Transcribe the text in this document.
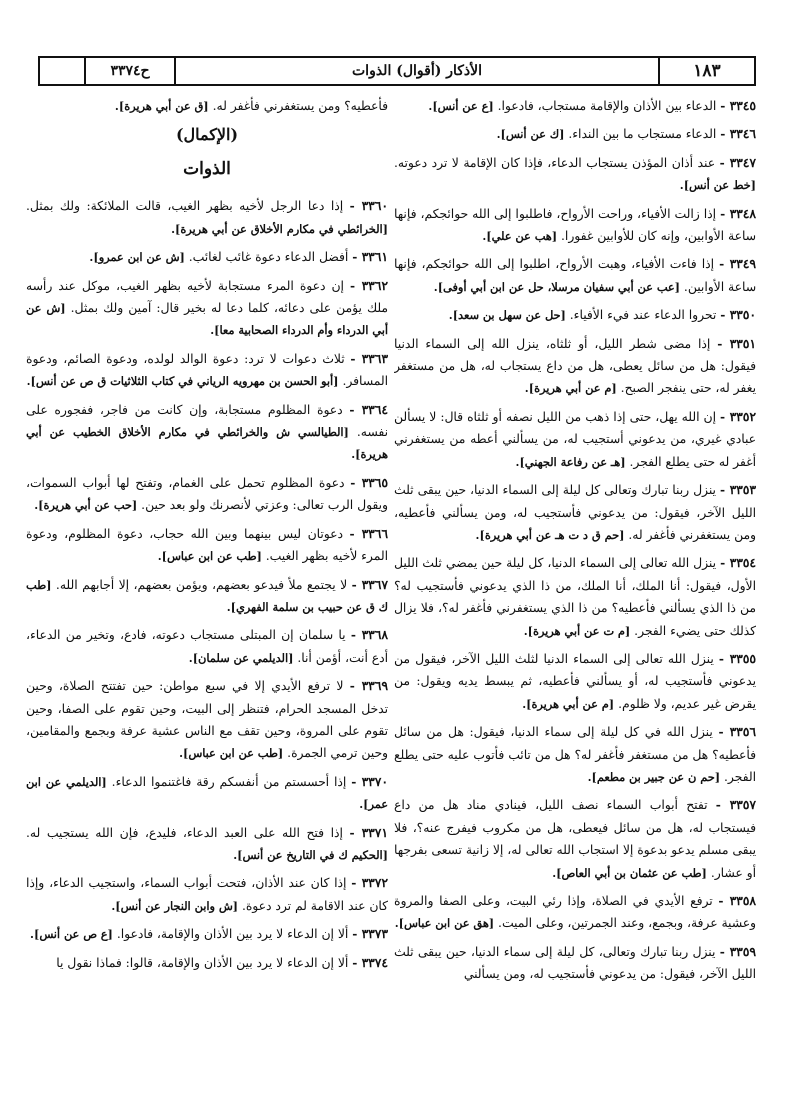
١٨٣
الأذكار (أقوال) الذوات
ح٣٣٧٤

٣٣٤٥ - الدعاء بين الأذان والإقامة مستجاب، فادعوا. [ع عن أنس].

٣٣٤٦ - الدعاء مستجاب ما بين النداء. [ك عن أنس].

٣٣٤٧ - عند أذان المؤذن يستجاب الدعاء، فإذا كان الإقامة لا ترد دعوته. [خط عن أنس].

٣٣٤٨ - إذا زالت الأفياء، وراحت الأرواح، فاطلبوا إلى الله حوائجكم، فإنها ساعة الأوابين، وإنه كان للأوابين غفورا. [هب عن علي].

٣٣٤٩ - إذا فاءت الأفياء، وهبت الأرواح، اطلبوا إلى الله حوائجكم، فإنها ساعة الأوابين. [عب عن أبي سفيان مرسلا، حل عن ابن أبي أوفى].

٣٣٥٠ - تحروا الدعاء عند فيء الأفياء. [حل عن سهل بن سعد].

٣٣٥١ - إذا مضى شطر الليل، أو ثلثاه، ينزل الله إلى السماء الدنيا فيقول: هل من سائل يعطى، هل من داع يستجاب له، هل من مستغفر يغفر له، حتى ينفجر الصبح. [م عن أبي هريرة].

٣٣٥٢ - إن الله يهل، حتى إذا ذهب من الليل نصفه أو ثلثاه قال: لا يسألن عبادي غيري، من يدعوني أستجيب له، من يسألني أعطه من يستغفرني أغفر له حتى يطلع الفجر. [هـ عن رفاعة الجهني].

٣٣٥٣ - ينزل ربنا تبارك وتعالى كل ليلة إلى السماء الدنيا، حين يبقى ثلث الليل الآخر، فيقول: من يدعوني فأستجيب له، ومن يسألني فأعطيه، ومن يستغفرني فأغفر له. [حم ق د ت هـ عن أبي هريرة].

٣٣٥٤ - ينزل الله تعالى إلى السماء الدنيا، كل ليلة حين يمضي ثلث الليل الأول، فيقول: أنا الملك، أنا الملك، من ذا الذي يدعوني فأستجيب له؟ من ذا الذي يسألني فأعطيه؟ من ذا الذي يستغفرني فأغفر له؟، فلا يزال كذلك حتى يضيء الفجر. [م ت عن أبي هريرة].

٣٣٥٥ - ينزل الله تعالى إلى السماء الدنيا لثلث الليل الآخر، فيقول من يدعوني فأستجيب له، أو يسألني فأعطيه، ثم يبسط يديه ويقول: من يقرض غير عديم، ولا ظلوم. [م عن أبي هريرة].

٣٣٥٦ - ينزل الله في كل ليلة إلى سماء الدنيا، فيقول: هل من سائل فأعطيه؟ هل من مستغفر فأغفر له؟ هل من تائب فأتوب عليه حتى يطلع الفجر. [حم ن عن جبير بن مطعم].

٣٣٥٧ - تفتح أبواب السماء نصف الليل، فينادي مناد هل من داع فيستجاب له، هل من سائل فيعطى، هل من مكروب فيفرج عنه؟، فلا يبقى مسلم يدعو بدعوة إلا استجاب الله تعالى له، إلا زانية تسعى بفرجها أو عشار. [طب عن عثمان بن أبي العاص].

٣٣٥٨ - ترفع الأيدي في الصلاة، وإذا رئي البيت، وعلى الصفا والمروة وعشية عرفة، وبجمع، وعند الجمرتين، وعلى الميت. [هق عن ابن عباس].

٣٣٥٩ - ينزل ربنا تبارك وتعالى، كل ليلة إلى سماء الدنيا، حين يبقى ثلث الليل الآخر، فيقول: من يدعوني فأستجيب له، ومن يسألني

فأعطيه؟ ومن يستغفرني فأغفر له. [ق عن أبي هريرة].

(الإكمال)
الذوات

٣٣٦٠ - إذا دعا الرجل لأخيه بظهر الغيب، قالت الملائكة: ولك بمثل. [الخرائطي في مكارم الأخلاق عن أبي هريرة].

٣٣٦١ - أفضل الدعاء دعوة غائب لغائب. [ش عن ابن عمرو].

٣٣٦٢ - إن دعوة المرء مستجابة لأخيه بظهر الغيب، موكل عند رأسه ملك يؤمن على دعائه، كلما دعا له بخير قال: آمين ولك بمثل. [ش عن أبي الدرداء وأم الدرداء الصحابية معا].

٣٣٦٣ - ثلاث دعوات لا ترد: دعوة الوالد لولده، ودعوة الصائم، ودعوة المسافر. [أبو الحسن بن مهرويه الرياني في كتاب الثلاثيات ق ص عن أنس].

٣٣٦٤ - دعوة المظلوم مستجابة، وإن كانت من فاجر، ففجوره على نفسه. [الطيالسي ش والخرائطي في مكارم الأخلاق الخطيب عن أبي هريرة].

٣٣٦٥ - دعوة المظلوم تحمل على الغمام، وتفتح لها أبواب السموات، ويقول الرب تعالى: وعزتي لأنصرنك ولو بعد حين. [حب عن أبي هريرة].

٣٣٦٦ - دعوتان ليس بينهما وبين الله حجاب، دعوة المظلوم، ودعوة المرء لأخيه بظهر الغيب. [طب عن ابن عباس].

٣٣٦٧ - لا يجتمع ملأ فيدعو بعضهم، ويؤمن بعضهم، إلا أجابهم الله. [طب ك ق عن حبيب بن سلمة الفهري].

٣٣٦٨ - يا سلمان إن المبتلى مستجاب دعوته، فادع، وتخير من الدعاء، أدع أنت، أؤمن أنا. [الديلمي عن سلمان].

٣٣٦٩ - لا ترفع الأيدي إلا في سبع مواطن: حين تفتتح الصلاة، وحين تدخل المسجد الحرام، فتنظر إلى البيت، وحين تقوم على الصفا، وحين تقوم على المروة، وحين تقف مع الناس عشية عرفة وبجمع والمقامين، وحين ترمي الجمرة. [طب عن ابن عباس].

٣٣٧٠ - إذا أحسستم من أنفسكم رقة فاغتنموا الدعاء. [الديلمي عن ابن عمر].

٣٣٧١ - إذا فتح الله على العبد الدعاء، فليدع، فإن الله يستجيب له. [الحكيم ك في التاريخ عن أنس].

٣٣٧٢ - إذا كان عند الأذان، فتحت أبواب السماء، واستجيب الدعاء، وإذا كان عند الاقامة لم ترد دعوة. [ش وابن النجار عن أنس].

٣٣٧٣ - ألا إن الدعاء لا يرد بين الأذان والإقامة، فادعوا. [ع ص عن أنس].

٣٣٧٤ - ألا إن الدعاء لا يرد بين الأذان والإقامة، قالوا: فماذا نقول يا
